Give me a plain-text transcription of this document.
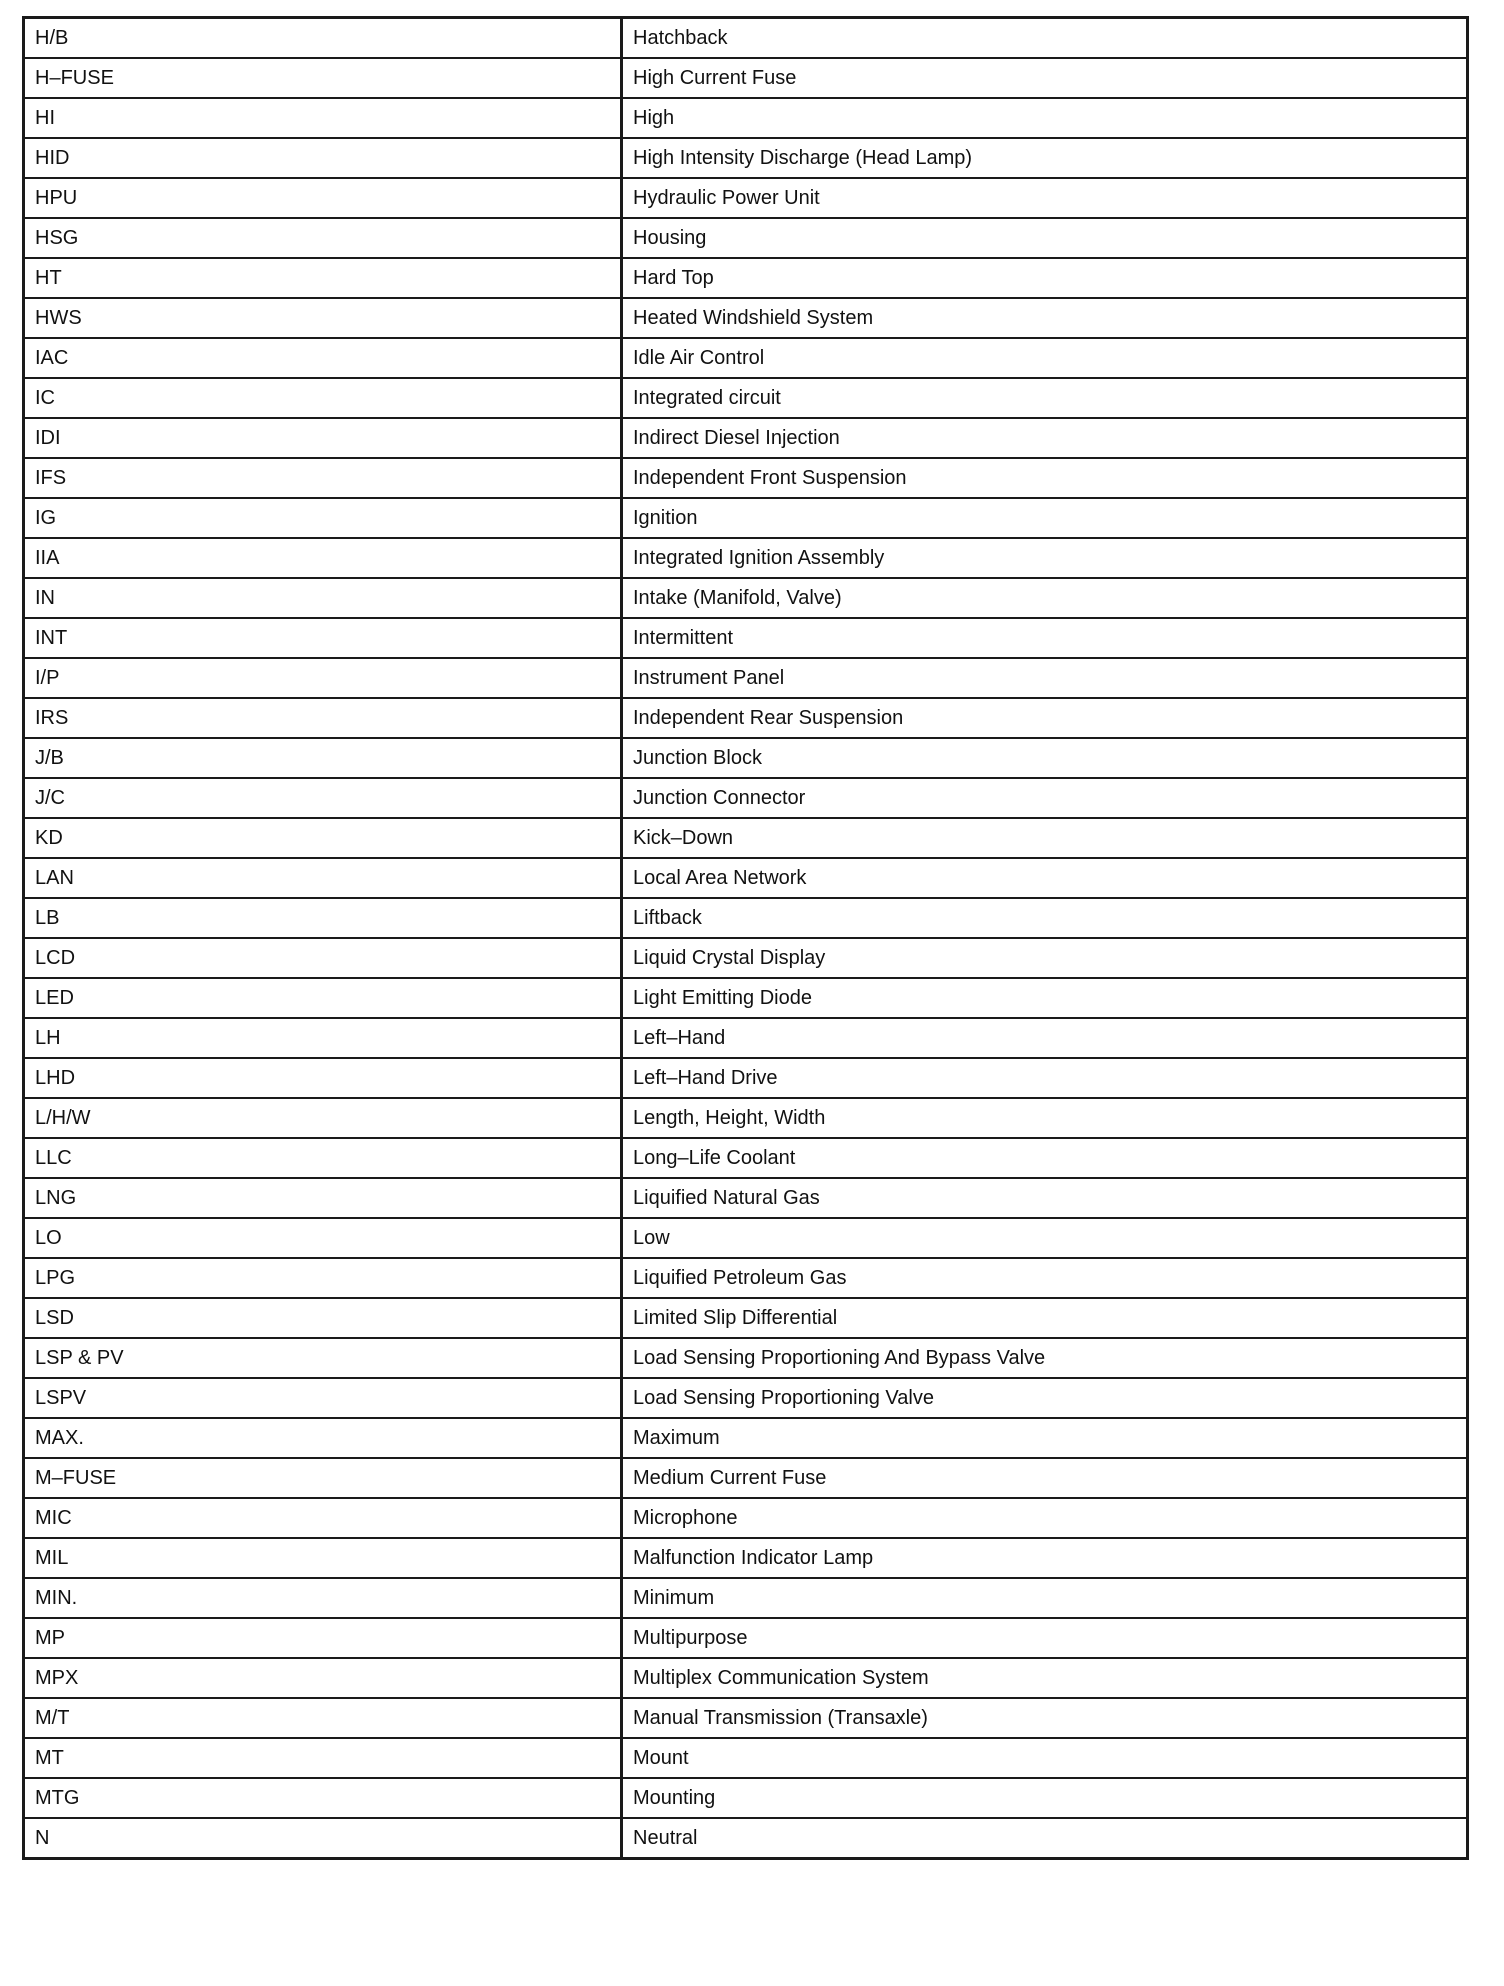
H/B	Hatchback
H–FUSE	High Current Fuse
HI	High
HID	High Intensity Discharge (Head Lamp)
HPU	Hydraulic Power Unit
HSG	Housing
HT	Hard Top
HWS	Heated Windshield System
IAC	Idle Air Control
IC	Integrated circuit
IDI	Indirect Diesel Injection
IFS	Independent Front Suspension
IG	Ignition
IIA	Integrated Ignition Assembly
IN	Intake (Manifold, Valve)
INT	Intermittent
I/P	Instrument Panel
IRS	Independent Rear Suspension
J/B	Junction Block
J/C	Junction Connector
KD	Kick–Down
LAN	Local Area Network
LB	Liftback
LCD	Liquid Crystal Display
LED	Light Emitting Diode
LH	Left–Hand
LHD	Left–Hand Drive
L/H/W	Length, Height, Width
LLC	Long–Life Coolant
LNG	Liquified Natural Gas
LO	Low
LPG	Liquified Petroleum Gas
LSD	Limited Slip Differential
LSP & PV	Load Sensing Proportioning And Bypass Valve
LSPV	Load Sensing Proportioning Valve
MAX.	Maximum
M–FUSE	Medium Current Fuse
MIC	Microphone
MIL	Malfunction Indicator Lamp
MIN.	Minimum
MP	Multipurpose
MPX	Multiplex Communication System
M/T	Manual Transmission (Transaxle)
MT	Mount
MTG	Mounting
N	Neutral
